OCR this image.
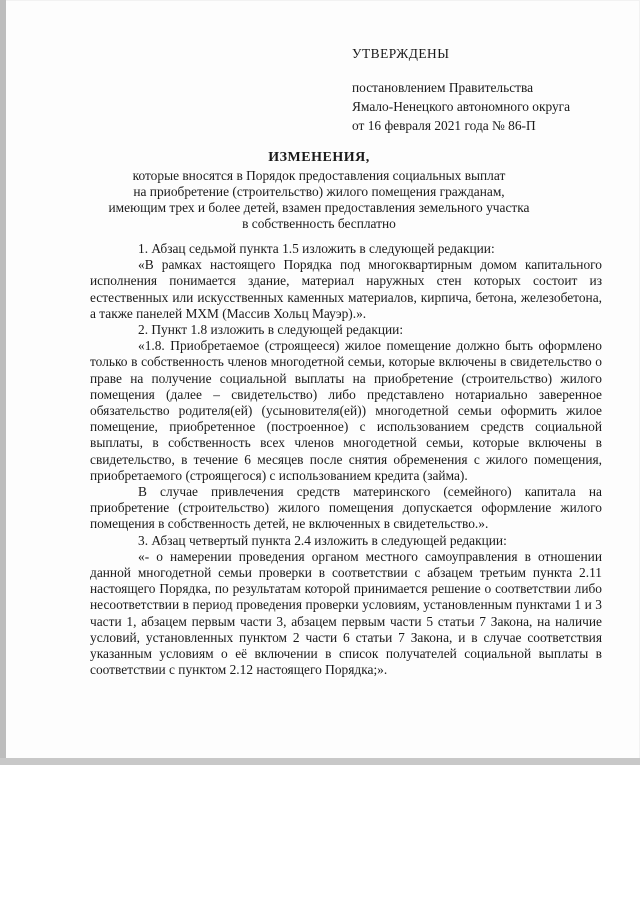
УТВЕРЖДЕНЫ
постановлением Правительства
Ямало-Ненецкого автономного округа
от 16 февраля 2021 года № 86-П
ИЗМЕНЕНИЯ,
которые вносятся в Порядок предоставления социальных выплат
на приобретение (строительство) жилого помещения гражданам,
имеющим трех и более детей, взамен предоставления земельного участка
в собственность бесплатно

1. Абзац седьмой пункта 1.5 изложить в следующей редакции:

«В рамках настоящего Порядка под многоквартирным домом капитального исполнения понимается здание, материал наружных стен которых состоит из естественных или искусственных каменных материалов, кирпича, бетона, железобетона, а также панелей МХМ (Массив Хольц Мауэр).».

2. Пункт 1.8 изложить в следующей редакции:

«1.8. Приобретаемое (строящееся) жилое помещение должно быть оформлено только в собственность членов многодетной семьи, которые включены в свидетельство о праве на получение социальной выплаты на приобретение (строительство) жилого помещения (далее – свидетельство) либо представлено нотариально заверенное обязательство родителя(ей) (усыновителя(ей)) многодетной семьи оформить жилое помещение, приобретенное (построенное) с использованием средств социальной выплаты, в собственность всех членов многодетной семьи, которые включены в свидетельство, в течение 6 месяцев после снятия обременения с жилого помещения, приобретаемого (строящегося) с использованием кредита (займа).

В случае привлечения средств материнского (семейного) капитала на приобретение (строительство) жилого помещения допускается оформление жилого помещения в собственность детей, не включенных в свидетельство.».

3. Абзац четвертый пункта 2.4 изложить в следующей редакции:

«- о намерении проведения органом местного самоуправления в отношении данной многодетной семьи проверки в соответствии с абзацем третьим пункта 2.11 настоящего Порядка, по результатам которой принимается решение о соответствии либо несоответствии в период проведения проверки условиям, установленным пунктами 1 и 3 части 1, абзацем первым части 3, абзацем первым части 5 статьи 7 Закона, на наличие условий, установленных пунктом 2 части 6 статьи 7 Закона, и в случае соответствия указанным условиям о её включении в список получателей социальной выплаты в соответствии с пунктом 2.12 настоящего Порядка;».
